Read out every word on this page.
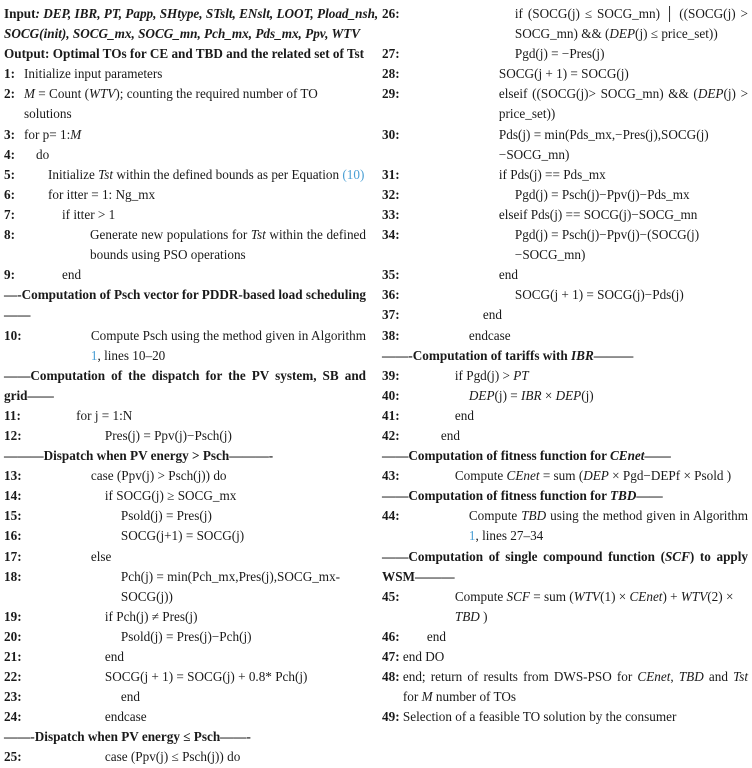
Input: DEP, IBR, PT, Papp, SHtype, STslt, ENslt, LOOT, Pload_nsh,
SOCG(init), SOCG_mx, SOCG_mn, Pch_mx, Pds_mx, Ppv, WTV
Output: Optimal TOs for CE and TBD and the related set of Tst
1: Initialize input parameters
2: M = Count (WTV); counting the required number of TO solutions
3: for p= 1:M
4:	do
5:	Initialize Tst within the defined bounds as per Equation (10)
6:	for itter = 1: Ng_mx
7:	if itter > 1
8:	Generate new populations for Tst within the defined bounds using PSO operations
9:	end
—-Computation of Psch vector for PDDR-based load scheduling——
10:	Compute Psch using the method given in Algorithm 1, lines 10–20
——Computation of the dispatch for the PV system, SB and grid——
11:	for j = 1:N
12:	Pres(j) = Ppv(j)−Psch(j)
———Dispatch when PV energy > Psch———-
13:	case (Ppv(j) > Psch(j)) do
14:	if SOCG(j) ≥ SOCG_mx
15:	Psold(j) = Pres(j)
16:	SOCG(j+1) = SOCG(j)
17:	else
18:	Pch(j) = min(Pch_mx,Pres(j),SOCG_mx-SOCG(j))
19:	if Pch(j) ≠ Pres(j)
20:	Psold(j) = Pres(j)−Pch(j)
21:	end
22:	SOCG(j + 1) = SOCG(j) + 0.8* Pch(j)
23:	end
24:	endcase
——-Dispatch when PV energy ≤ Psch——-
25:	case (Ppv(j) ≤ Psch(j)) do
26:	if (SOCG(j) ≤ SOCG_mn) │ ((SOCG(j) > SOCG_mn) && (DEP(j) ≤ price_set))
27:	Pgd(j) = −Pres(j)
28:	SOCG(j + 1) = SOCG(j)
29:	elseif ((SOCG(j)> SOCG_mn) && (DEP(j) > price_set))
30:	Pds(j) = min(Pds_mx,−Pres(j),SOCG(j)−SOCG_mn)
31:	if Pds(j) == Pds_mx
32:	Pgd(j) = Psch(j)−Ppv(j)−Pds_mx
33:	elseif Pds(j) == SOCG(j)−SOCG_mn
34:	Pgd(j) = Psch(j)−Ppv(j)−(SOCG(j)−SOCG_mn)
35:	end
36:	SOCG(j + 1) = SOCG(j)−Pds(j)
37:	end
38:	endcase
——-Computation of tariffs with IBR———
39:	if Pgd(j) > PT
40:	DEP(j) = IBR × DEP(j)
41:	end
42:	end
——Computation of fitness function for CEnet——
43:	Compute CEnet = sum (DEP × Pgd−DEPf × Psold )
——Computation of fitness function for TBD——
44:	Compute TBD using the method given in Algorithm 1, lines 27–34
——Computation of single compound function (SCF) to apply WSM———
45:	Compute SCF = sum (WTV(1) × CEnet) + WTV(2) × TBD )
46:	end
47: end DO
48: end; return of results from DWS-PSO for CEnet, TBD and Tst for M number of TOs
49: Selection of a feasible TO solution by the consumer
